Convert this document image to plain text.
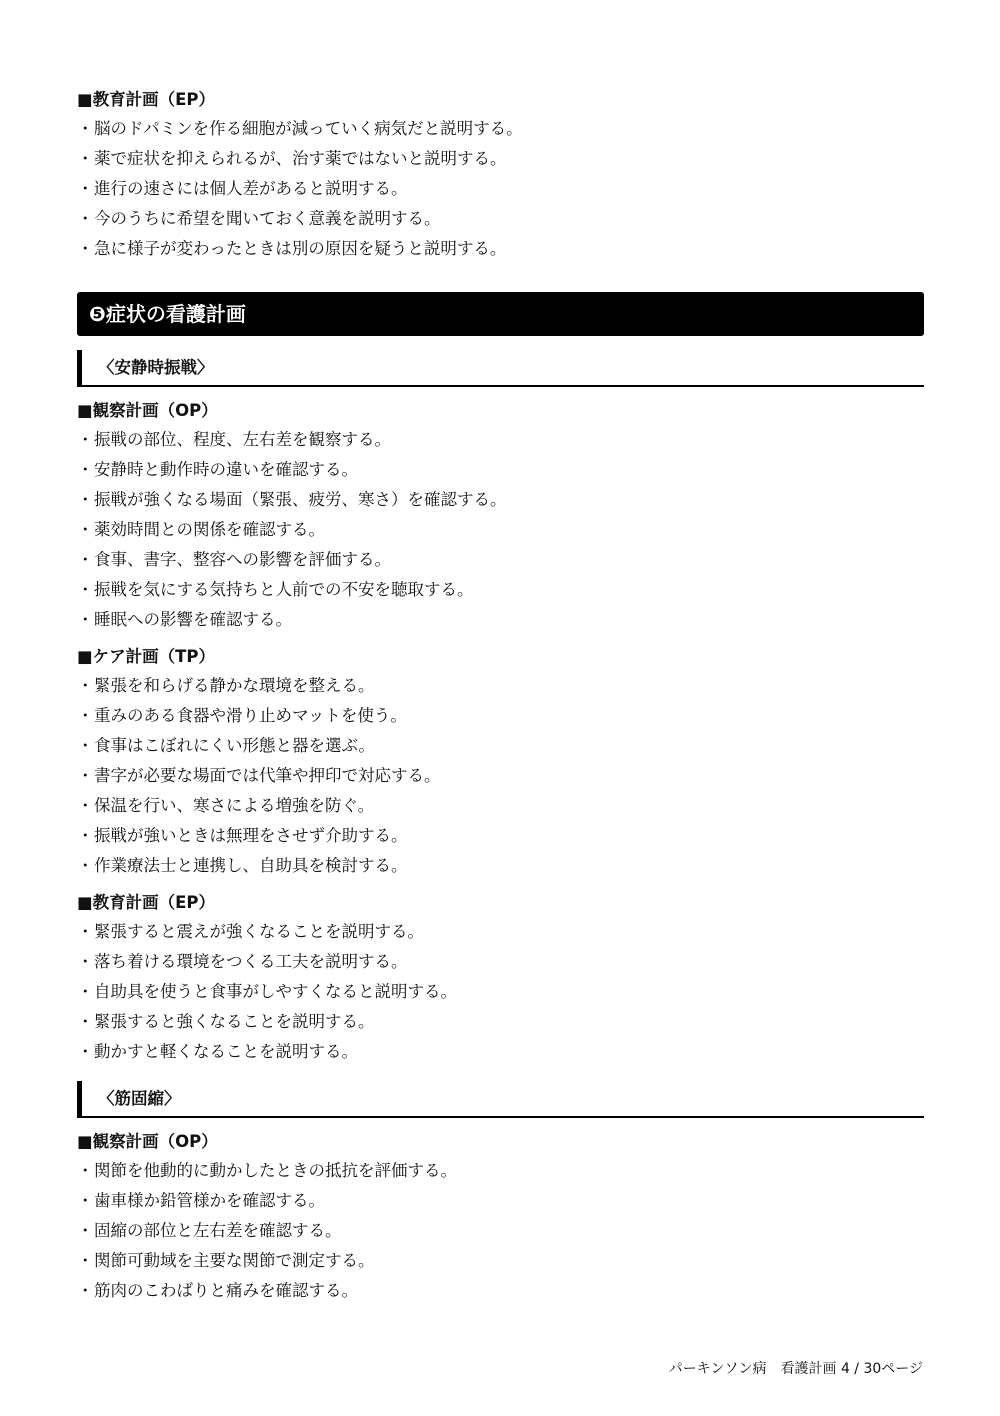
■教育計画（EP）
・脳のドパミンを作る細胞が減っていく病気だと説明する。
・薬で症状を抑えられるが、治す薬ではないと説明する。
・進行の速さには個人差があると説明する。
・今のうちに希望を聞いておく意義を説明する。
・急に様子が変わったときは別の原因を疑うと説明する。
❺症状の看護計画
〈安静時振戦〉
■観察計画（OP）
・振戦の部位、程度、左右差を観察する。
・安静時と動作時の違いを確認する。
・振戦が強くなる場面（緊張、疲労、寒さ）を確認する。
・薬効時間との関係を確認する。
・食事、書字、整容への影響を評価する。
・振戦を気にする気持ちと人前での不安を聴取する。
・睡眠への影響を確認する。
■ケア計画（TP）
・緊張を和らげる静かな環境を整える。
・重みのある食器や滑り止めマットを使う。
・食事はこぼれにくい形態と器を選ぶ。
・書字が必要な場面では代筆や押印で対応する。
・保温を行い、寒さによる増強を防ぐ。
・振戦が強いときは無理をさせず介助する。
・作業療法士と連携し、自助具を検討する。
■教育計画（EP）
・緊張すると震えが強くなることを説明する。
・落ち着ける環境をつくる工夫を説明する。
・自助具を使うと食事がしやすくなると説明する。
・緊張すると強くなることを説明する。
・動かすと軽くなることを説明する。
〈筋固縮〉
■観察計画（OP）
・関節を他動的に動かしたときの抵抗を評価する。
・歯車様か鉛管様かを確認する。
・固縮の部位と左右差を確認する。
・関節可動域を主要な関節で測定する。
・筋肉のこわばりと痛みを確認する。
パーキンソン病　看護計画 4 / 30ページ
